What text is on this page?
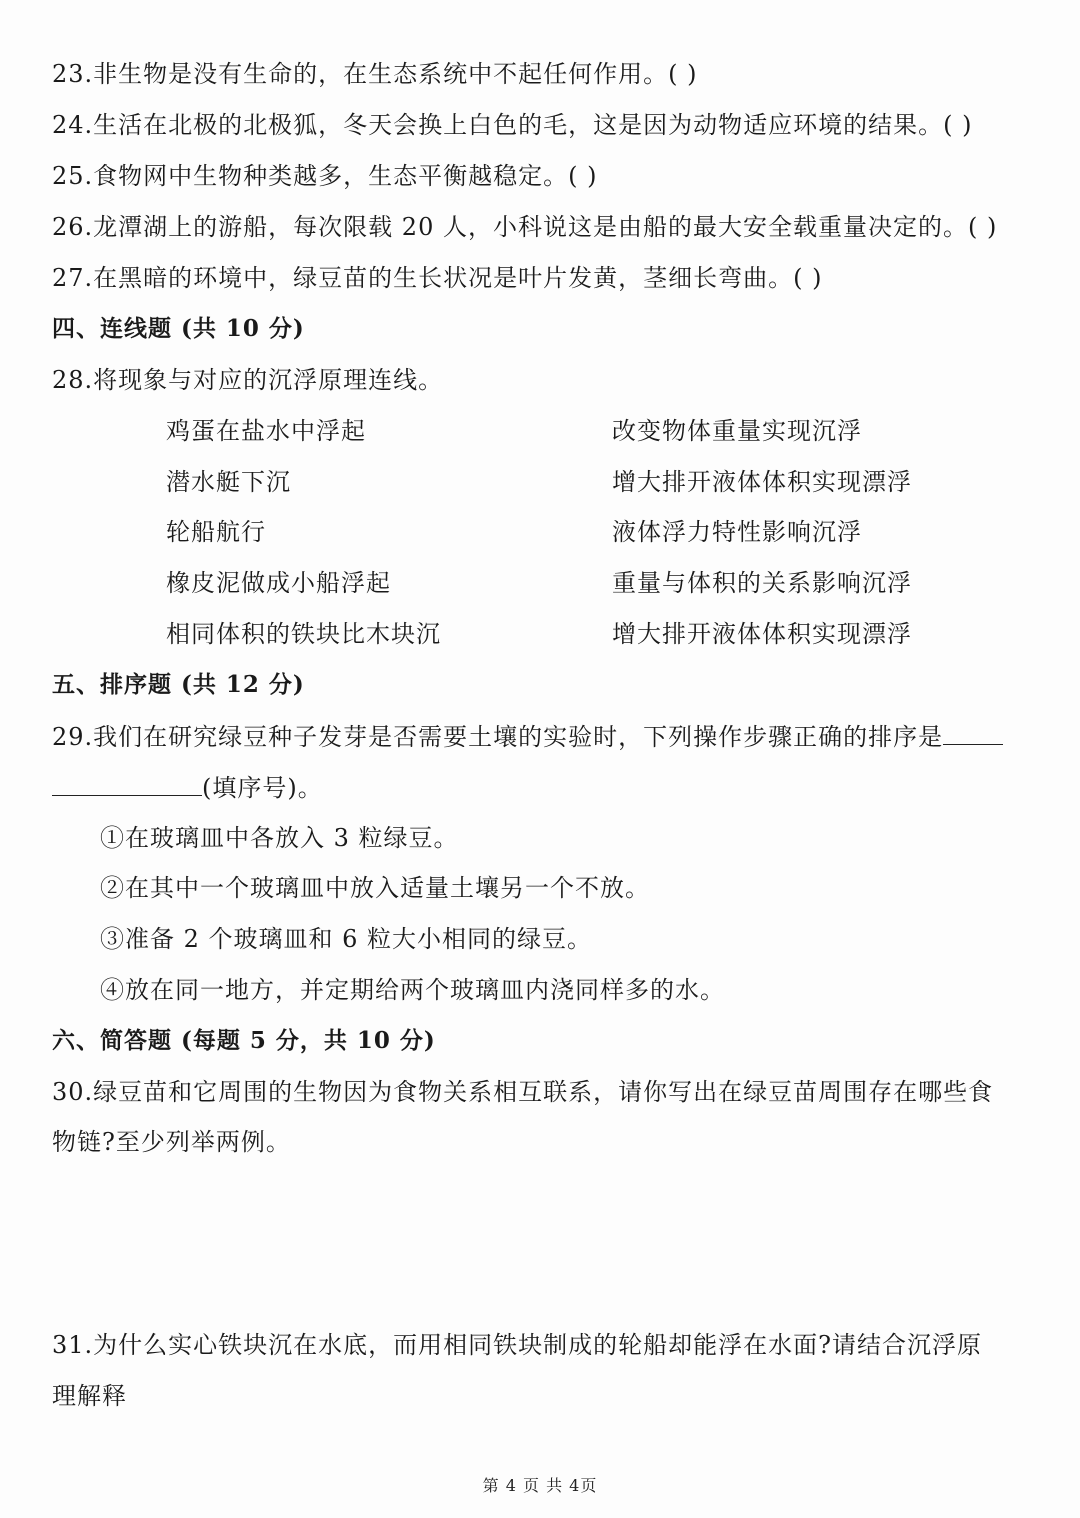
23.非生物是没有生命的，在生态系统中不起任何作用。( )
24.生活在北极的北极狐，冬天会换上白色的毛，这是因为动物适应环境的结果。( )
25.食物网中生物种类越多，生态平衡越稳定。( )
26.龙潭湖上的游船，每次限载 20 人，小科说这是由船的最大安全载重量决定的。( )
27.在黑暗的环境中，绿豆苗的生长状况是叶片发黄，茎细长弯曲。( )
四、连线题 (共 10 分)
28.将现象与对应的沉浮原理连线。
鸡蛋在盐水中浮起	改变物体重量实现沉浮
潜水艇下沉	增大排开液体体积实现漂浮
轮船航行	液体浮力特性影响沉浮
橡皮泥做成小船浮起	重量与体积的关系影响沉浮
相同体积的铁块比木块沉	增大排开液体体积实现漂浮
五、排序题 (共 12 分)
29.我们在研究绿豆种子发芽是否需要土壤的实验时，下列操作步骤正确的排序是
(填序号)。
①在玻璃皿中各放入 3 粒绿豆。
②在其中一个玻璃皿中放入适量土壤另一个不放。
③准备 2 个玻璃皿和 6 粒大小相同的绿豆。
④放在同一地方，并定期给两个玻璃皿内浇同样多的水。
六、简答题 (每题 5 分，共 10 分)
30.绿豆苗和它周围的生物因为食物关系相互联系，请你写出在绿豆苗周围存在哪些食
物链?至少列举两例。
31.为什么实心铁块沉在水底，而用相同铁块制成的轮船却能浮在水面?请结合沉浮原
理解释
第 4 页 共 4页
